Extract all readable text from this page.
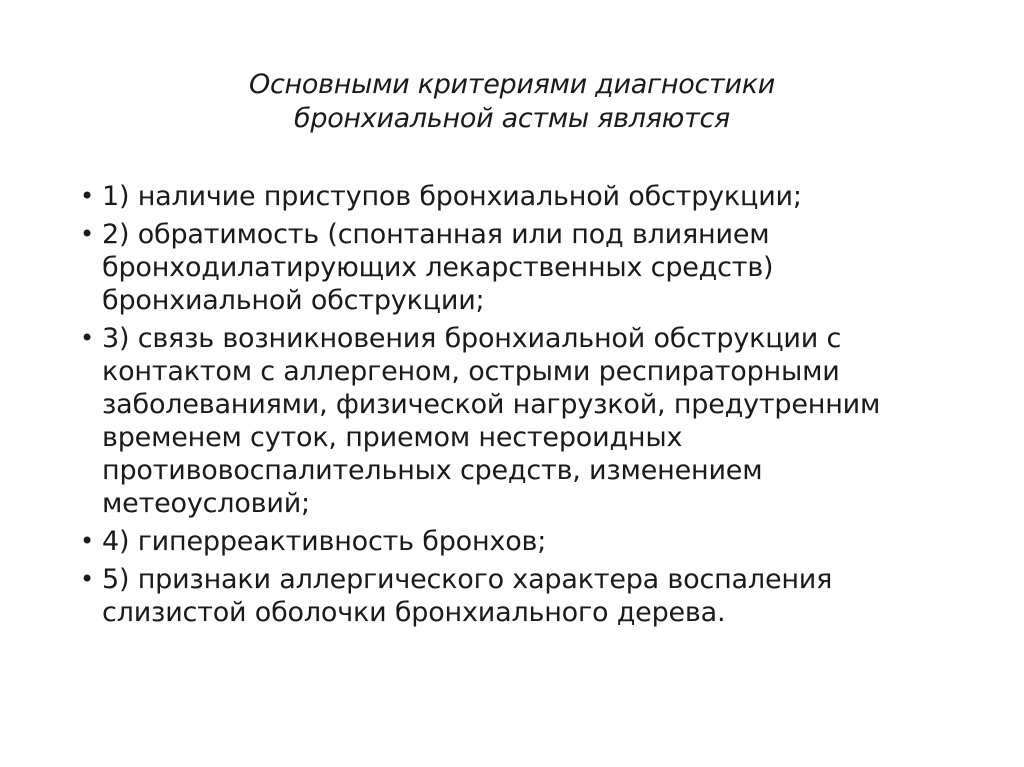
Основными критериями диагностики
бронхиальной астмы являются
• 1) наличие приступов бронхиальной обструкции;
• 2) обратимость (спонтанная или под влиянием
бронходилатирующих лекарственных средств)
бронхиальной обструкции;
• 3) связь возникновения бронхиальной обструкции с
контактом с аллергеном, острыми респираторными
заболеваниями, физической нагрузкой, предутренним
временем суток, приемом нестероидных
противовоспалительных средств, изменением
метеоусловий;
• 4) гиперреактивность бронхов;
• 5) признаки аллергического характера воспаления
слизистой оболочки бронхиального дерева.
